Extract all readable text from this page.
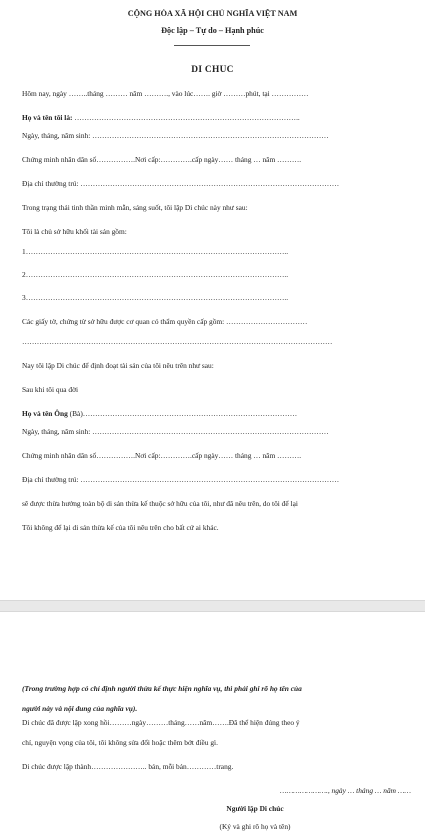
CỘNG HÒA XÃ HỘI CHỦ NGHĨA VIỆT NAM
Độc lập – Tự do – Hạnh phúc
DI CHÚC
Hôm nay, ngày ……..tháng ……… năm ………., vào lúc……. giờ ………phút, tại ……………
Họ và tên tôi là: ………………………………………………………………………………..
Ngày, tháng, năm sinh: ……………………………………………………………………………………
Chứng minh nhân dân số…………….Nơi cấp:………….cấp ngày…… tháng … năm ……….
Địa chỉ thường trú: ……………………………………………………………………………………………
Trong trạng thái tinh thần minh mẫn, sáng suốt, tôi lập Di chúc này như sau:
Tôi là chủ sở hữu khối tài sản gồm:
1……………………………………………………………………………………………..
2……………………………………………………………………………………………..
3……………………………………………………………………………………………..
Các giấy tờ, chứng từ sở hữu được cơ quan có thẩm quyền cấp gồm: ……………………………
………………………………………………………………………………………………………………
Nay tôi lập Di chúc để định đoạt tài sản của tôi nêu trên như sau:
Sau khi tôi qua đời
Họ và tên Ông (Bà)……………………………………………………………………………
Ngày, tháng, năm sinh: ……………………………………………………………………………………
Chứng minh nhân dân số…………….Nơi cấp:………….cấp ngày…… tháng … năm ……….
Địa chỉ thường trú: ……………………………………………………………………………………………
sẽ được thừa hưởng toàn bộ di sản thừa kế thuộc sở hữu của tôi, như đã nêu trên, do tôi để lại
Tôi không để lại di sản thừa kế của tôi nêu trên cho bất cứ ai khác.
(Trong trường hợp có chỉ định người thừa kế thực hiện nghĩa vụ, thì phải ghi rõ họ tên của
người này và nội dung của nghĩa vụ).
Di chúc đã được lập xong hồi………ngày………tháng……năm…….Đã thể hiện đúng theo ý
chí, nguyện vọng của tôi, tôi không sửa đổi hoặc thêm bớt điều gì.
Di chúc được lập thành………………….. bản, mỗi bản…………trang.
…………………., ngày … tháng … năm ……
Người lập Di chúc
(Ký và ghi rõ họ và tên)
